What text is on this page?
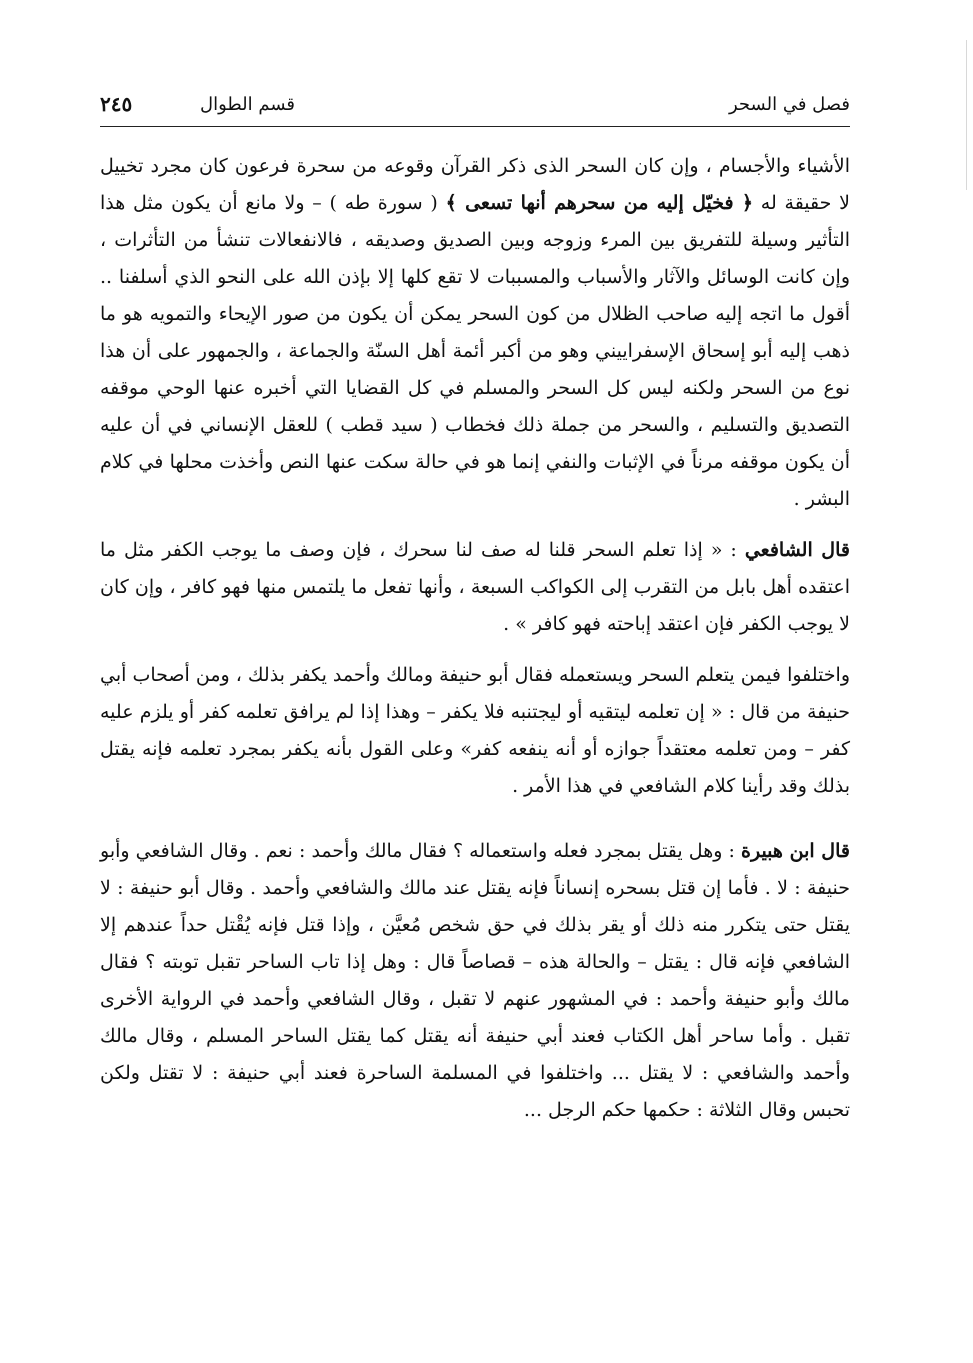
فصل في السحر
قسم الطوال
٢٤٥

الأشياء والأجسام ، وإن كان السحر الذى ذكر القرآن وقوعه من سحرة فرعون كان مجرد تخييل لا حقيقة له ﴿ فخيّل إليه من سحرهم أنها تسعى ﴾ ( سورة طه ) – ولا مانع أن يكون مثل هذا التأثير وسيلة للتفريق بين المرء وزوجه وبين الصديق وصديقه ، فالانفعالات تنشأ من التأثرات ، وإن كانت الوسائل والآثار والأسباب والمسببات لا تقع كلها إلا بإذن الله على النحو الذي أسلفنا .. أقول ما اتجه إليه صاحب الظلال من كون السحر يمكن أن يكون من صور الإيحاء والتمويه هو ما ذهب إليه أبو إسحاق الإسفراييني وهو من أكبر أئمة أهل السنّة والجماعة ، والجمهور على أن هذا نوع من السحر ولكنه ليس كل السحر والمسلم في كل القضايا التي أخبره عنها الوحي موقفه التصديق والتسليم ، والسحر من جملة ذلك فخطاب ( سيد قطب ) للعقل الإنساني في أن عليه أن يكون موقفه مرناً في الإثبات والنفي إنما هو في حالة سكت عنها النص وأخذت محلها في كلام البشر .

قال الشافعي : « إذا تعلم السحر قلنا له صف لنا سحرك ، فإن وصف ما يوجب الكفر مثل ما اعتقده أهل بابل من التقرب إلى الكواكب السبعة ، وأنها تفعل ما يلتمس منها فهو كافر ، وإن كان لا يوجب الكفر فإن اعتقد إباحته فهو كافر » .

واختلفوا فيمن يتعلم السحر ويستعمله فقال أبو حنيفة ومالك وأحمد يكفر بذلك ، ومن أصحاب أبي حنيفة من قال : « إن تعلمه ليتقيه أو ليجتنبه فلا يكفر – وهذا إذا لم يرافق تعلمه كفر أو يلزم عليه كفر – ومن تعلمه معتقداً جوازه أو أنه ينفعه كفر» وعلى القول بأنه يكفر بمجرد تعلمه فإنه يقتل بذلك وقد رأينا كلام الشافعي في هذا الأمر .

قال ابن هبيرة : وهل يقتل بمجرد فعله واستعماله ؟ فقال مالك وأحمد : نعم . وقال الشافعي وأبو حنيفة : لا . فأما إن قتل بسحره إنساناً فإنه يقتل عند مالك والشافعي وأحمد . وقال أبو حنيفة : لا يقتل حتى يتكرر منه ذلك أو يقر بذلك في حق شخص مُعيَّن ، وإذا قتل فإنه يُقْتل حداً عندهم إلا الشافعي فإنه قال : يقتل – والحالة هذه – قصاصاً قال : وهل إذا تاب الساحر تقبل توبته ؟ فقال مالك وأبو حنيفة وأحمد : في المشهور عنهم لا تقبل ، وقال الشافعي وأحمد في الرواية الأخرى تقبل . وأما ساحر أهل الكتاب فعند أبي حنيفة أنه يقتل كما يقتل الساحر المسلم ، وقال مالك وأحمد والشافعي : لا يقتل ... واختلفوا في المسلمة الساحرة فعند أبي حنيفة : لا تقتل ولكن تحبس وقال الثلاثة : حكمها حكم الرجل ...
